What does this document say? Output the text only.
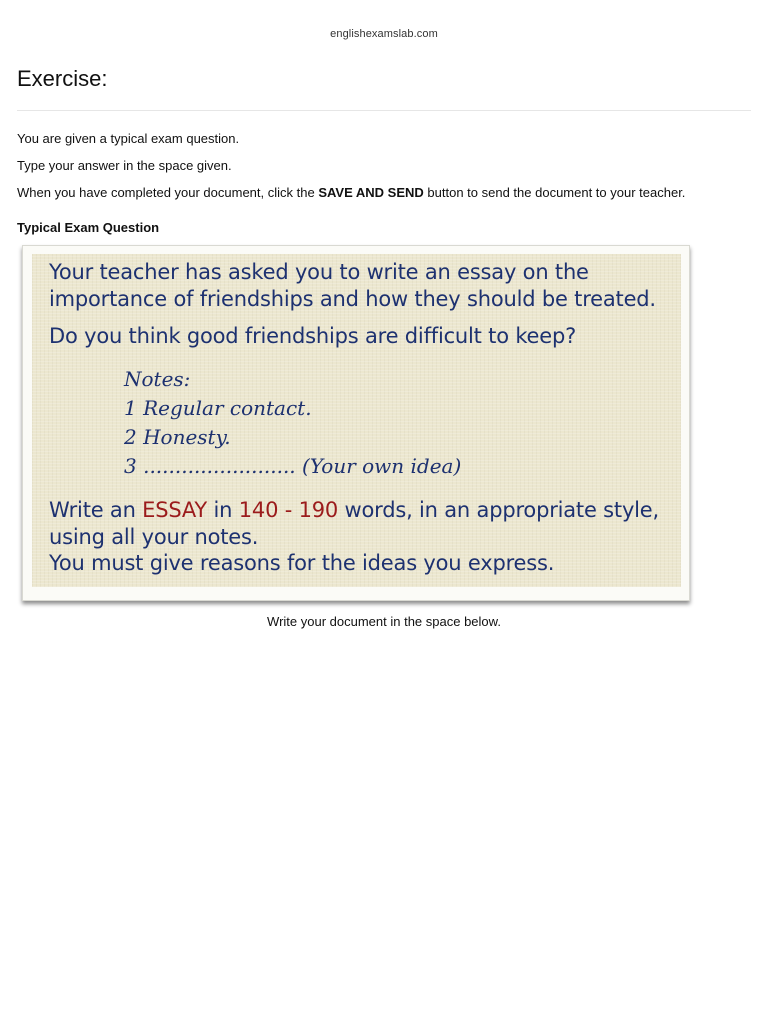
englishexamslab.com
Exercise:

You are given a typical exam question.

Type your answer in the space given.

When you have completed your document, click the SAVE AND SEND button to send the document to your teacher.

Typical Exam Question
Your teacher has asked you to write an essay on the
importance of friendships and how they should be treated.
Do you think good friendships are difficult to keep?
Notes:
1 Regular contact.
2 Honesty.
3 ........................ (Your own idea)
Write an ESSAY in 140 - 190 words, in an appropriate style,
using all your notes.
You must give reasons for the ideas you express.
Write your document in the space below.
